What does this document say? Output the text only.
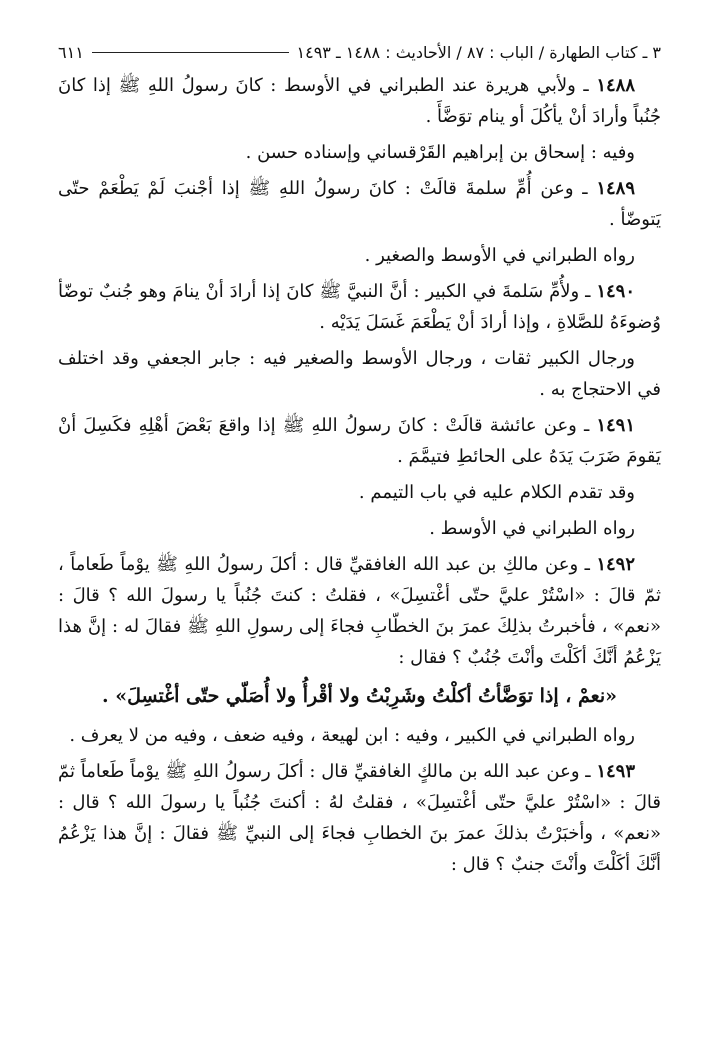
٣ ـ كتاب الطهارة / الباب : ٨٧ / الأحاديث : ١٤٨٨ ـ ١٤٩٣
٦١١

١٤٨٨ ـ ولأبي هريرة عند الطبراني في الأوسط : كانَ رسولُ اللهِ ﷺ إذا كانَ جُنُباً وأرادَ أنْ يأكُلَ أو ينام توَضَّأَ .

وفيه : إسحاق بن إبراهيم القَرْقساني وإسناده حسن .

١٤٨٩ ـ وعن أُمِّ سلمةَ قالَتْ : كانَ رسولُ اللهِ ﷺ إذا أجْنبَ لَمْ يَطْعَمْ حتّى يَتوضّأ .

رواه الطبراني في الأوسط والصغير .

١٤٩٠ ـ ولأُمِّ سَلمةَ في الكبير : أنَّ النبيَّ ﷺ كانَ إذا أرادَ أنْ ينامَ وهو جُنبٌ توضّأ وُضوءَهُ للصَّلاةِ ، وإذا أرادَ أنْ يَطْعَمَ غَسَلَ يَدَيْه .

ورجال الكبير ثقات ، ورجال الأوسط والصغير فيه : جابر الجعفي وقد اختلف في الاحتجاج به .

١٤٩١ ـ وعن عائشة قالَتْ : كانَ رسولُ اللهِ ﷺ إذا واقعَ بَعْضَ أهْلِهِ فكَسِلَ أنْ يَقومَ ضَرَبَ يَدَهُ على الحائطِ فتيمَّمَ .

وقد تقدم الكلام عليه في باب التيمم .

رواه الطبراني في الأوسط .

١٤٩٢ ـ وعن مالكِ بن عبد الله الغافقيِّ قال : أكلَ رسولُ اللهِ ﷺ يوْماً طَعاماً ، ثمّ قالَ : «اسْتُرْ عليَّ حتّى أغْتسِلَ» ، فقلتُ : كنتَ جُنُباً يا رسولَ الله ؟ قالَ : «نعم» ، فأخبرتُ بذلِكَ عمرَ بنَ الخطّابِ فجاءَ إلى رسولِ اللهِ ﷺ فقالَ له : إنَّ هذا يَزْعُمُ أنَّكَ أكَلْتَ وأنْتَ جُنُبٌ ؟ فقال :

«نعمْ ، إذا توَضَّأتُ أكلْتُ وشَرِبْتُ ولا أقْرأُ ولا أُصَلّي حتّى أغْتسِلَ» .

رواه الطبراني في الكبير ، وفيه : ابن لهيعة ، وفيه ضعف ، وفيه من لا يعرف .

١٤٩٣ ـ وعن عبد الله بن مالكٍ الغافقيِّ قال : أكلَ رسولُ اللهِ ﷺ يوْماً طَعاماً ثمّ قالَ : «اسْتُرْ عليَّ حتّى أغْتسِلَ» ، فقلتُ لهُ : أكنتَ جُنُباً يا رسولَ الله ؟ قال : «نعم» ، وأخبَرْتُ بذلكَ عمرَ بنَ الخطابِ فجاءَ إلى النبيِّ ﷺ فقالَ : إنَّ هذا يَزْعُمُ أنَّكَ أكَلْتَ وأنْتَ جنبٌ ؟ قال :
